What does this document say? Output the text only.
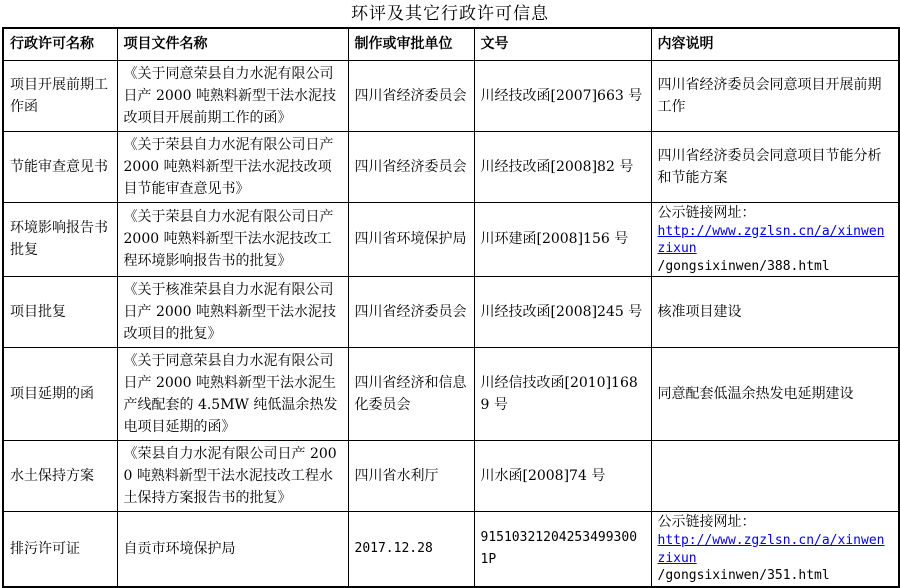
环评及其它行政许可信息
行政许可名称	项目文件名称	制作或审批单位	文号	内容说明
项目开展前期工作函	《关于同意荣县自力水泥有限公司日产 2000 吨熟料新型干法水泥技改项目开展前期工作的函》	四川省经济委员会	川经技改函[2007]663 号	四川省经济委员会同意项目开展前期工作
节能审查意见书	《关于荣县自力水泥有限公司日产 2000 吨熟料新型干法水泥技改项目节能审查意见书》	四川省经济委员会	川经技改函[2008]82 号	四川省经济委员会同意项目节能分析和节能方案
环境影响报告书批复	《关于荣县自力水泥有限公司日产 2000 吨熟料新型干法水泥技改工程环境影响报告书的批复》	四川省环境保护局	川环建函[2008]156 号	公示链接网址：
http://www.zgzlsn.cn/a/xinwenzixun
/gongsixinwen/388.html

项目批复	《关于核准荣县自力水泥有限公司日产 2000 吨熟料新型干法水泥技改项目的批复》	四川省经济委员会	川经技改函[2008]245 号	核准项目建设
项目延期的函	《关于同意荣县自力水泥有限公司日产 2000 吨熟料新型干法水泥生产线配套的 4.5MW 纯低温余热发电项目延期的函》	四川省经济和信息化委员会	川经信技改函[2010]1689 号	同意配套低温余热发电延期建设
水土保持方案	《荣县自力水泥有限公司日产 2000 吨熟料新型干法水泥技改工程水土保持方案报告书的批复》	四川省水利厅	川水函[2008]74 号	
排污许可证	自贡市环境保护局	2017.12.28	915103212042534993001P	公示链接网址：
http://www.zgzlsn.cn/a/xinwenzixun
/gongsixinwen/351.html
